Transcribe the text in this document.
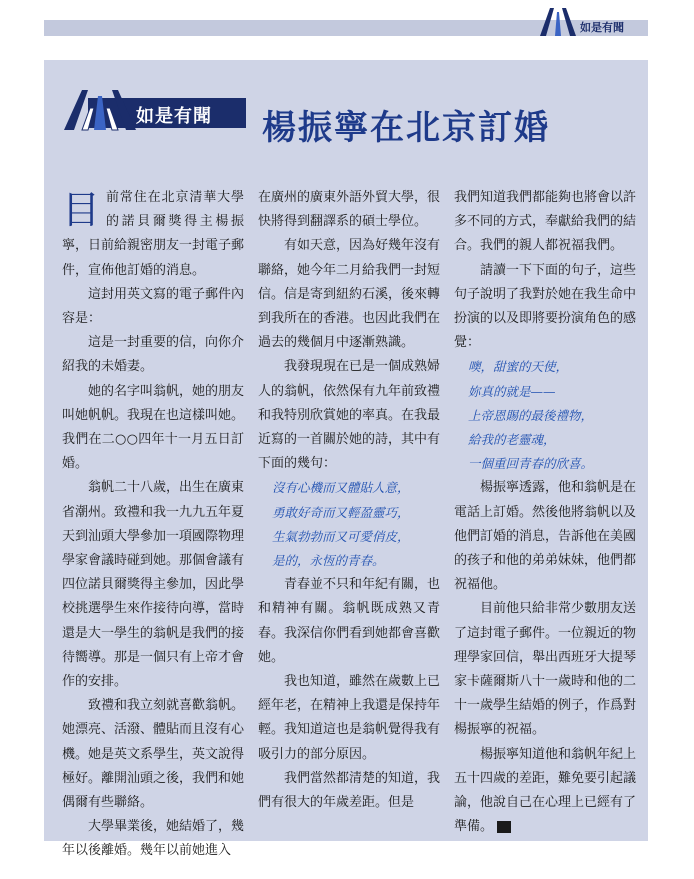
如是有聞
如是有聞 楊振寧在北京訂婚

目前常住在北京清華大學的諾貝爾獎得主楊振寧，日前給親密朋友一封電子郵件，宣佈他訂婚的消息。

這封用英文寫的電子郵件內容是：

這是一封重要的信，向你介紹我的未婚妻。

她的名字叫翁帆，她的朋友叫她帆帆。我現在也這樣叫她。我們在二○○四年十一月五日訂婚。

翁帆二十八歲，出生在廣東省潮州。致禮和我一九九五年夏天到汕頭大學參加一項國際物理學家會議時碰到她。那個會議有四位諾貝爾獎得主參加，因此學校挑選學生來作接待向導，當時還是大一學生的翁帆是我們的接待嚮導。那是一個只有上帝才會作的安排。

致禮和我立刻就喜歡翁帆。她漂亮、活潑、體貼而且沒有心機。她是英文系學生，英文說得極好。離開汕頭之後，我們和她偶爾有些聯絡。

大學畢業後，她結婚了，幾年以後離婚。幾年以前她進入

在廣州的廣東外語外貿大學，很快將得到翻譯系的碩士學位。

有如天意，因為好幾年沒有聯絡，她今年二月給我們一封短信。信是寄到紐約石溪，後來轉到我所在的香港。也因此我們在過去的幾個月中逐漸熟識。

我發現現在已是一個成熟婦人的翁帆，依然保有九年前致禮和我特別欣賞她的率真。在我最近寫的一首關於她的詩，其中有下面的幾句：

沒有心機而又體貼人意，
勇敢好奇而又輕盈靈巧，
生氣勃勃而又可愛俏皮，
是的，永恆的青春。

青春並不只和年紀有關，也和精神有關。翁帆既成熟又青春。我深信你們看到她都會喜歡她。

我也知道，雖然在歲數上已經年老，在精神上我還是保持年輕。我知道這也是翁帆覺得我有吸引力的部分原因。

我們當然都清楚的知道，我們有很大的年歲差距。但是

我們知道我們都能夠也將會以許多不同的方式，奉獻給我們的結合。我們的親人都祝福我們。

請讀一下下面的句子，這些句子說明了我對於她在我生命中扮演的以及即將要扮演角色的感覺：

噢，甜蜜的天使，
妳真的就是——
上帝恩賜的最後禮物，
給我的老靈魂，
一個重回青春的欣喜。

楊振寧透露，他和翁帆是在電話上訂婚。然後他將翁帆以及他們訂婚的消息，告訴他在美國的孩子和他的弟弟妹妹，他們都祝福他。

目前他只給非常少數朋友送了這封電子郵件。一位親近的物理學家回信，舉出西班牙大提琴家卡薩爾斯八十一歲時和他的二十一歲學生結婚的例子，作爲對楊振寧的祝福。

楊振寧知道他和翁帆年紀上五十四歲的差距，難免要引起議論，他說自己在心理上已經有了準備。
